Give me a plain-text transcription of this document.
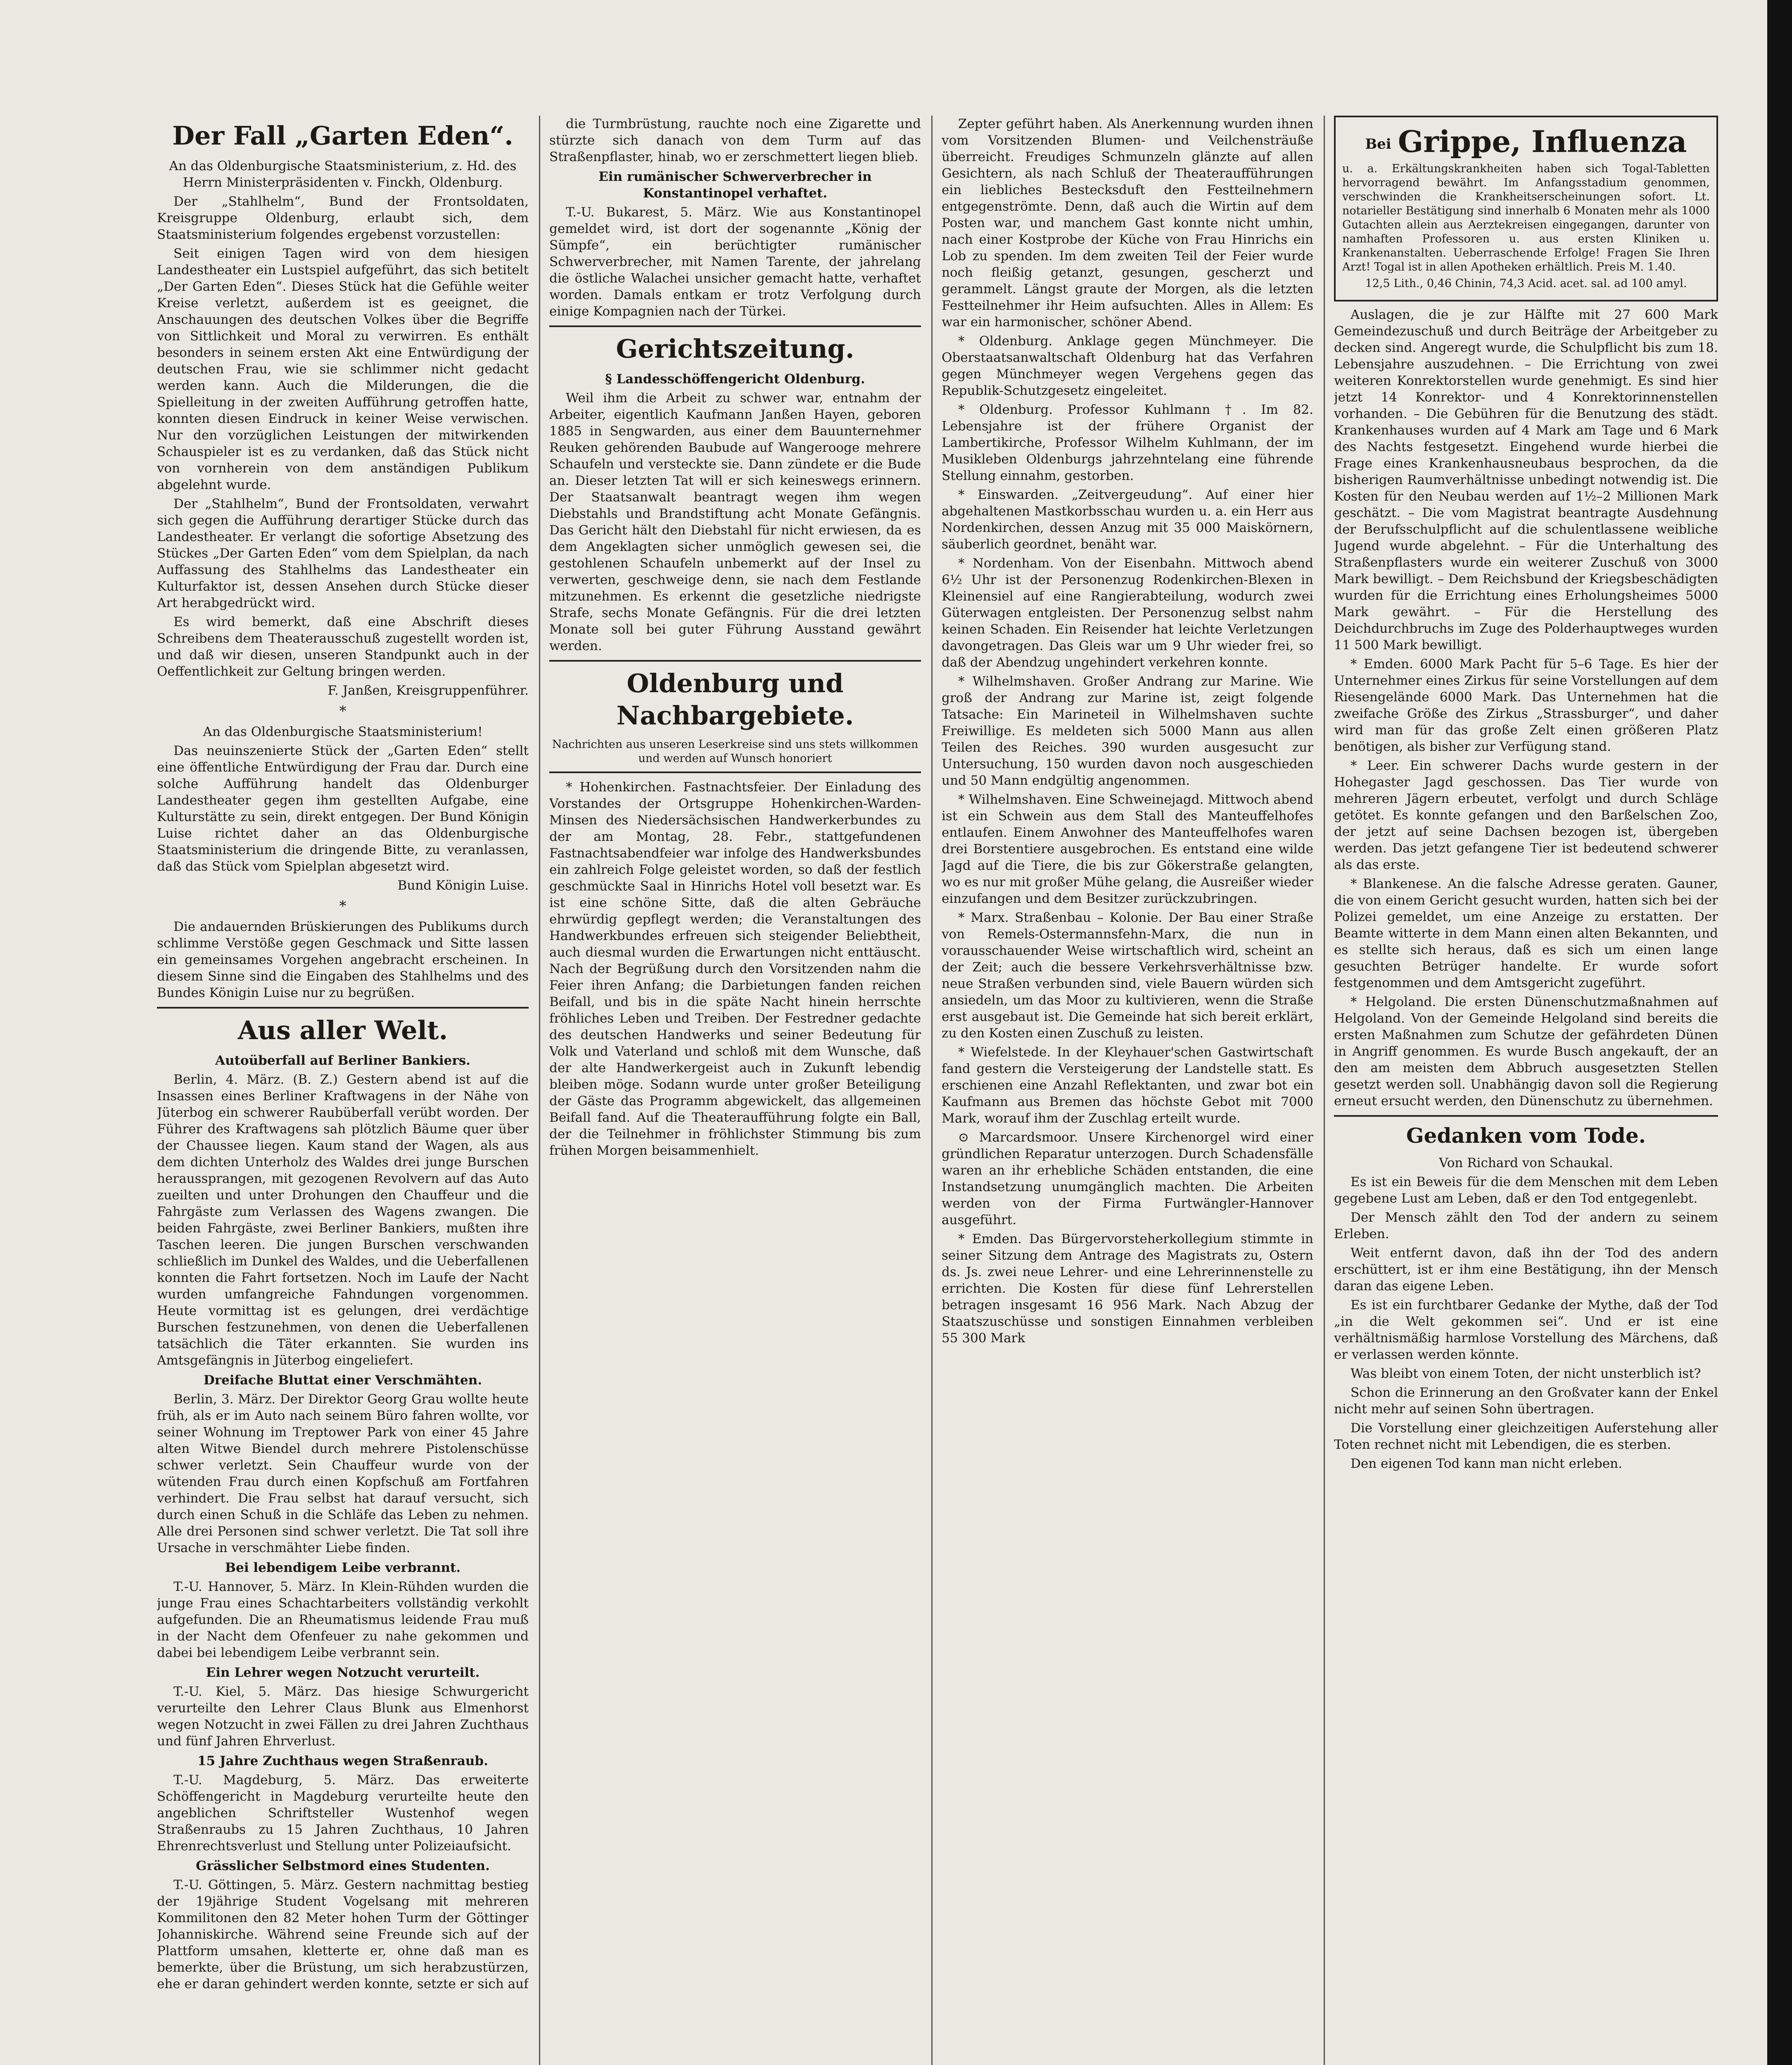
Der Fall „Garten Eden“.

An das Oldenburgische Staatsministerium, z. Hd. des Herrn Ministerpräsidenten v. Finckh, Oldenburg.

Der „Stahlhelm“, Bund der Frontsoldaten, Kreisgruppe Oldenburg, erlaubt sich, dem Staatsministerium folgendes ergebenst vorzustellen:

Seit einigen Tagen wird von dem hiesigen Landestheater ein Lustspiel aufgeführt, das sich betitelt „Der Garten Eden“. Dieses Stück hat die Gefühle weiter Kreise verletzt, außerdem ist es geeignet, die Anschauungen des deutschen Volkes über die Begriffe von Sittlichkeit und Moral zu verwirren. Es enthält besonders in seinem ersten Akt eine Entwürdigung der deutschen Frau, wie sie schlimmer nicht gedacht werden kann. Auch die Milderungen, die die Spielleitung in der zweiten Aufführung getroffen hatte, konnten diesen Eindruck in keiner Weise verwischen. Nur den vorzüglichen Leistungen der mitwirkenden Schauspieler ist es zu verdanken, daß das Stück nicht von vornherein von dem anständigen Publikum abgelehnt wurde.

Der „Stahlhelm“, Bund der Frontsoldaten, verwahrt sich gegen die Aufführung derartiger Stücke durch das Landestheater. Er verlangt die sofortige Absetzung des Stückes „Der Garten Eden“ vom dem Spielplan, da nach Auffassung des Stahlhelms das Landestheater ein Kulturfaktor ist, dessen Ansehen durch Stücke dieser Art herabgedrückt wird.

Es wird bemerkt, daß eine Abschrift dieses Schreibens dem Theaterausschuß zugestellt worden ist, und daß wir diesen, unseren Standpunkt auch in der Oeffentlichkeit zur Geltung bringen werden.

F. Janßen, Kreisgruppenführer.

*

An das Oldenburgische Staatsministerium!

Das neuinszenierte Stück der „Garten Eden“ stellt eine öffentliche Entwürdigung der Frau dar. Durch eine solche Aufführung handelt das Oldenburger Landestheater gegen ihm gestellten Aufgabe, eine Kulturstätte zu sein, direkt entgegen. Der Bund Königin Luise richtet daher an das Oldenburgische Staatsministerium die dringende Bitte, zu veranlassen, daß das Stück vom Spielplan abgesetzt wird.

Bund Königin Luise.

*

Die andauernden Brüskierungen des Publikums durch schlimme Verstöße gegen Geschmack und Sitte lassen ein gemeinsames Vorgehen angebracht erscheinen. In diesem Sinne sind die Eingaben des Stahlhelms und des Bundes Königin Luise nur zu begrüßen.

Aus aller Welt.

Autoüberfall auf Berliner Bankiers.

Berlin, 4. März. (B. Z.) Gestern abend ist auf die Insassen eines Berliner Kraftwagens in der Nähe von Jüterbog ein schwerer Raubüberfall verübt worden. Der Führer des Kraftwagens sah plötzlich Bäume quer über der Chaussee liegen. Kaum stand der Wagen, als aus dem dichten Unterholz des Waldes drei junge Burschen heraussprangen, mit gezogenen Revolvern auf das Auto zueilten und unter Drohungen den Chauffeur und die Fahrgäste zum Verlassen des Wagens zwangen. Die beiden Fahrgäste, zwei Berliner Bankiers, mußten ihre Taschen leeren. Die jungen Burschen verschwanden schließlich im Dunkel des Waldes, und die Ueberfallenen konnten die Fahrt fortsetzen. Noch im Laufe der Nacht wurden umfangreiche Fahndungen vorgenommen. Heute vormittag ist es gelungen, drei verdächtige Burschen festzunehmen, von denen die Ueberfallenen tatsächlich die Täter erkannten. Sie wurden ins Amtsgefängnis in Jüterbog eingeliefert.

Dreifache Bluttat einer Verschmähten.

Berlin, 3. März. Der Direktor Georg Grau wollte heute früh, als er im Auto nach seinem Büro fahren wollte, vor seiner Wohnung im Treptower Park von einer 45 Jahre alten Witwe Biendel durch mehrere Pistolenschüsse schwer verletzt. Sein Chauffeur wurde von der wütenden Frau durch einen Kopfschuß am Fortfahren verhindert. Die Frau selbst hat darauf versucht, sich durch einen Schuß in die Schläfe das Leben zu nehmen. Alle drei Personen sind schwer verletzt. Die Tat soll ihre Ursache in verschmähter Liebe finden.

Bei lebendigem Leibe verbrannt.

T.-U. Hannover, 5. März. In Klein-Rühden wurden die junge Frau eines Schachtarbeiters vollständig verkohlt aufgefunden. Die an Rheumatismus leidende Frau muß in der Nacht dem Ofenfeuer zu nahe gekommen und dabei bei lebendigem Leibe verbrannt sein.

Ein Lehrer wegen Notzucht verurteilt.

T.-U. Kiel, 5. März. Das hiesige Schwurgericht verurteilte den Lehrer Claus Blunk aus Elmenhorst wegen Notzucht in zwei Fällen zu drei Jahren Zuchthaus und fünf Jahren Ehrverlust.

15 Jahre Zuchthaus wegen Straßenraub.

T.-U. Magdeburg, 5. März. Das erweiterte Schöffengericht in Magdeburg verurteilte heute den angeblichen Schriftsteller Wustenhof wegen Straßenraubs zu 15 Jahren Zuchthaus, 10 Jahren Ehrenrechtsverlust und Stellung unter Polizeiaufsicht.

Grässlicher Selbstmord eines Studenten.

T.-U. Göttingen, 5. März. Gestern nachmittag bestieg der 19jährige Student Vogelsang mit mehreren Kommilitonen den 82 Meter hohen Turm der Göttinger Johanniskirche. Während seine Freunde sich auf der Plattform umsahen, kletterte er, ohne daß man es bemerkte, über die Brüstung, um sich herabzustürzen, ehe er daran gehindert werden konnte, setzte er sich auf

die Turmbrüstung, rauchte noch eine Zigarette und stürzte sich danach von dem Turm auf das Straßenpflaster, hinab, wo er zerschmettert liegen blieb.

Ein rumänischer Schwerverbrecher in Konstantinopel verhaftet.

T.-U. Bukarest, 5. März. Wie aus Konstantinopel gemeldet wird, ist dort der sogenannte „König der Sümpfe“, ein berüchtigter rumänischer Schwerverbrecher, mit Namen Tarente, der jahrelang die östliche Walachei unsicher gemacht hatte, verhaftet worden. Damals entkam er trotz Verfolgung durch einige Kompagnien nach der Türkei.

Gerichtszeitung.

§ Landesschöffengericht Oldenburg.

Weil ihm die Arbeit zu schwer war, entnahm der Arbeiter, eigentlich Kaufmann Janßen Hayen, geboren 1885 in Sengwarden, aus einer dem Bauunternehmer Reuken gehörenden Baubude auf Wangerooge mehrere Schaufeln und versteckte sie. Dann zündete er die Bude an. Dieser letzten Tat will er sich keineswegs erinnern. Der Staatsanwalt beantragt wegen ihm wegen Diebstahls und Brandstiftung acht Monate Gefängnis. Das Gericht hält den Diebstahl für nicht erwiesen, da es dem Angeklagten sicher unmöglich gewesen sei, die gestohlenen Schaufeln unbemerkt auf der Insel zu verwerten, geschweige denn, sie nach dem Festlande mitzunehmen. Es erkennt die gesetzliche niedrigste Strafe, sechs Monate Gefängnis. Für die drei letzten Monate soll bei guter Führung Ausstand gewährt werden.

Oldenburg und Nachbargebiete.

Nachrichten aus unseren Leserkreise sind uns stets willkommen und werden auf Wunsch honoriert

* Hohenkirchen. Fastnachtsfeier. Der Einladung des Vorstandes der Ortsgruppe Hohenkirchen-Warden-Minsen des Niedersächsischen Handwerkerbundes zu der am Montag, 28. Febr., stattgefundenen Fastnachtsabendfeier war infolge des Handwerksbundes ein zahlreich Folge geleistet worden, so daß der festlich geschmückte Saal in Hinrichs Hotel voll besetzt war. Es ist eine schöne Sitte, daß die alten Gebräuche ehrwürdig gepflegt werden; die Veranstaltungen des Handwerkbundes erfreuen sich steigender Beliebtheit, auch diesmal wurden die Erwartungen nicht enttäuscht. Nach der Begrüßung durch den Vorsitzenden nahm die Feier ihren Anfang; die Darbietungen fanden reichen Beifall, und bis in die späte Nacht hinein herrschte fröhliches Leben und Treiben. Der Festredner gedachte des deutschen Handwerks und seiner Bedeutung für Volk und Vaterland und schloß mit dem Wunsche, daß der alte Handwerkergeist auch in Zukunft lebendig bleiben möge. Sodann wurde unter großer Beteiligung der Gäste das Programm abgewickelt, das allgemeinen Beifall fand. Auf die Theateraufführung folgte ein Ball, der die Teilnehmer in fröhlichster Stimmung bis zum frühen Morgen beisammenhielt.

Zepter geführt haben. Als Anerkennung wurden ihnen vom Vorsitzenden Blumen- und Veilchensträuße überreicht. Freudiges Schmunzeln glänzte auf allen Gesichtern, als nach Schluß der Theateraufführungen ein liebliches Bestecksduft den Festteilnehmern entgegenströmte. Denn, daß auch die Wirtin auf dem Posten war, und manchem Gast konnte nicht umhin, nach einer Kostprobe der Küche von Frau Hinrichs ein Lob zu spenden. Im dem zweiten Teil der Feier wurde noch fleißig getanzt, gesungen, gescherzt und gerammelt. Längst graute der Morgen, als die letzten Festteilnehmer ihr Heim aufsuchten. Alles in Allem: Es war ein harmonischer, schöner Abend.

* Oldenburg. Anklage gegen Münchmeyer. Die Oberstaatsanwaltschaft Oldenburg hat das Verfahren gegen Münchmeyer wegen Vergehens gegen das Republik-Schutzgesetz eingeleitet.

* Oldenburg. Professor Kuhlmann †. Im 82. Lebensjahre ist der frühere Organist der Lambertikirche, Professor Wilhelm Kuhlmann, der im Musikleben Oldenburgs jahrzehntelang eine führende Stellung einnahm, gestorben.

* Einswarden. „Zeitvergeudung“. Auf einer hier abgehaltenen Mastkorbsschau wurden u. a. ein Herr aus Nordenkirchen, dessen Anzug mit 35 000 Maiskörnern, säuberlich geordnet, benäht war.

* Nordenham. Von der Eisenbahn. Mittwoch abend 6½ Uhr ist der Personenzug Rodenkirchen-Blexen in Kleinensiel auf eine Rangierabteilung, wodurch zwei Güterwagen entgleisten. Der Personenzug selbst nahm keinen Schaden. Ein Reisender hat leichte Verletzungen davongetragen. Das Gleis war um 9 Uhr wieder frei, so daß der Abendzug ungehindert verkehren konnte.

* Wilhelmshaven. Großer Andrang zur Marine. Wie groß der Andrang zur Marine ist, zeigt folgende Tatsache: Ein Marineteil in Wilhelmshaven suchte Freiwillige. Es meldeten sich 5000 Mann aus allen Teilen des Reiches. 390 wurden ausgesucht zur Untersuchung, 150 wurden davon noch ausgeschieden und 50 Mann endgültig angenommen.

* Wilhelmshaven. Eine Schweinejagd. Mittwoch abend ist ein Schwein aus dem Stall des Manteuffelhofes entlaufen. Einem Anwohner des Manteuffelhofes waren drei Borstentiere ausgebrochen. Es entstand eine wilde Jagd auf die Tiere, die bis zur Gökerstraße gelangten, wo es nur mit großer Mühe gelang, die Ausreißer wieder einzufangen und dem Besitzer zurückzubringen.

* Marx. Straßenbau – Kolonie. Der Bau einer Straße von Remels-Ostermannsfehn-Marx, die nun in vorausschauender Weise wirtschaftlich wird, scheint an der Zeit; auch die bessere Verkehrsverhältnisse bzw. neue Straßen verbunden sind, viele Bauern würden sich ansiedeln, um das Moor zu kultivieren, wenn die Straße erst ausgebaut ist. Die Gemeinde hat sich bereit erklärt, zu den Kosten einen Zuschuß zu leisten.

* Wiefelstede. In der Kleyhauer'schen Gastwirtschaft fand gestern die Versteigerung der Landstelle statt. Es erschienen eine Anzahl Reflektanten, und zwar bot ein Kaufmann aus Bremen das höchste Gebot mit 7000 Mark, worauf ihm der Zuschlag erteilt wurde.

⊙ Marcardsmoor. Unsere Kirchenorgel wird einer gründlichen Reparatur unterzogen. Durch Schadensfälle waren an ihr erhebliche Schäden entstanden, die eine Instandsetzung unumgänglich machten. Die Arbeiten werden von der Firma Furtwängler-Hannover ausgeführt.

* Emden. Das Bürgervorsteherkollegium stimmte in seiner Sitzung dem Antrage des Magistrats zu, Ostern ds. Js. zwei neue Lehrer- und eine Lehrerinnenstelle zu errichten. Die Kosten für diese fünf Lehrerstellen betragen insgesamt 16 956 Mark. Nach Abzug der Staatszuschüsse und sonstigen Einnahmen verbleiben 55 300 Mark

Bei Grippe, Influenza

u. a. Erkältungskrankheiten haben sich Togal-Tabletten hervorragend bewährt. Im Anfangsstadium genommen, verschwinden die Krankheitserscheinungen sofort. Lt. notarieller Bestätigung sind innerhalb 6 Monaten mehr als 1000 Gutachten allein aus Aerztekreisen eingegangen, darunter von namhaften Professoren u. aus ersten Kliniken u. Krankenanstalten. Ueberraschende Erfolge! Fragen Sie Ihren Arzt! Togal ist in allen Apotheken erhältlich. Preis M. 1.40.

12,5 Lith., 0,46 Chinin, 74,3 Acid. acet. sal. ad 100 amyl.

Auslagen, die je zur Hälfte mit 27 600 Mark Gemeindezuschuß und durch Beiträge der Arbeitgeber zu decken sind. Angeregt wurde, die Schulpflicht bis zum 18. Lebensjahre auszudehnen. – Die Errichtung von zwei weiteren Konrektorstellen wurde genehmigt. Es sind hier jetzt 14 Konrektor- und 4 Konrektorinnenstellen vorhanden. – Die Gebühren für die Benutzung des städt. Krankenhauses wurden auf 4 Mark am Tage und 6 Mark des Nachts festgesetzt. Eingehend wurde hierbei die Frage eines Krankenhausneubaus besprochen, da die bisherigen Raumverhältnisse unbedingt notwendig ist. Die Kosten für den Neubau werden auf 1½–2 Millionen Mark geschätzt. – Die vom Magistrat beantragte Ausdehnung der Berufsschulpflicht auf die schulentlassene weibliche Jugend wurde abgelehnt. – Für die Unterhaltung des Straßenpflasters wurde ein weiterer Zuschuß von 3000 Mark bewilligt. – Dem Reichsbund der Kriegsbeschädigten wurden für die Errichtung eines Erholungsheimes 5000 Mark gewährt. – Für die Herstellung des Deichdurchbruchs im Zuge des Polderhauptweges wurden 11 500 Mark bewilligt.

* Emden. 6000 Mark Pacht für 5–6 Tage. Es hier der Unternehmer eines Zirkus für seine Vorstellungen auf dem Riesengelände 6000 Mark. Das Unternehmen hat die zweifache Größe des Zirkus „Strassburger“, und daher wird man für das große Zelt einen größeren Platz benötigen, als bisher zur Verfügung stand.

* Leer. Ein schwerer Dachs wurde gestern in der Hohegaster Jagd geschossen. Das Tier wurde von mehreren Jägern erbeutet, verfolgt und durch Schläge getötet. Es konnte gefangen und den Barßelschen Zoo, der jetzt auf seine Dachsen bezogen ist, übergeben werden. Das jetzt gefangene Tier ist bedeutend schwerer als das erste.

* Blankenese. An die falsche Adresse geraten. Gauner, die von einem Gericht gesucht wurden, hatten sich bei der Polizei gemeldet, um eine Anzeige zu erstatten. Der Beamte witterte in dem Mann einen alten Bekannten, und es stellte sich heraus, daß es sich um einen lange gesuchten Betrüger handelte. Er wurde sofort festgenommen und dem Amtsgericht zugeführt.

* Helgoland. Die ersten Dünenschutzmaßnahmen auf Helgoland. Von der Gemeinde Helgoland sind bereits die ersten Maßnahmen zum Schutze der gefährdeten Dünen in Angriff genommen. Es wurde Busch angekauft, der an den am meisten dem Abbruch ausgesetzten Stellen gesetzt werden soll. Unabhängig davon soll die Regierung erneut ersucht werden, den Dünenschutz zu übernehmen.

Gedanken vom Tode.

Von Richard von Schaukal.

Es ist ein Beweis für die dem Menschen mit dem Leben gegebene Lust am Leben, daß er den Tod entgegenlebt.

Der Mensch zählt den Tod der andern zu seinem Erleben.

Weit entfernt davon, daß ihn der Tod des andern erschüttert, ist er ihm eine Bestätigung, ihn der Mensch daran das eigene Leben.

Es ist ein furchtbarer Gedanke der Mythe, daß der Tod „in die Welt gekommen sei“. Und er ist eine verhältnismäßig harmlose Vorstellung des Märchens, daß er verlassen werden könnte.

Was bleibt von einem Toten, der nicht unsterblich ist?

Schon die Erinnerung an den Großvater kann der Enkel nicht mehr auf seinen Sohn übertragen.

Die Vorstellung einer gleichzeitigen Auferstehung aller Toten rechnet nicht mit Lebendigen, die es sterben.

Den eigenen Tod kann man nicht erleben.
